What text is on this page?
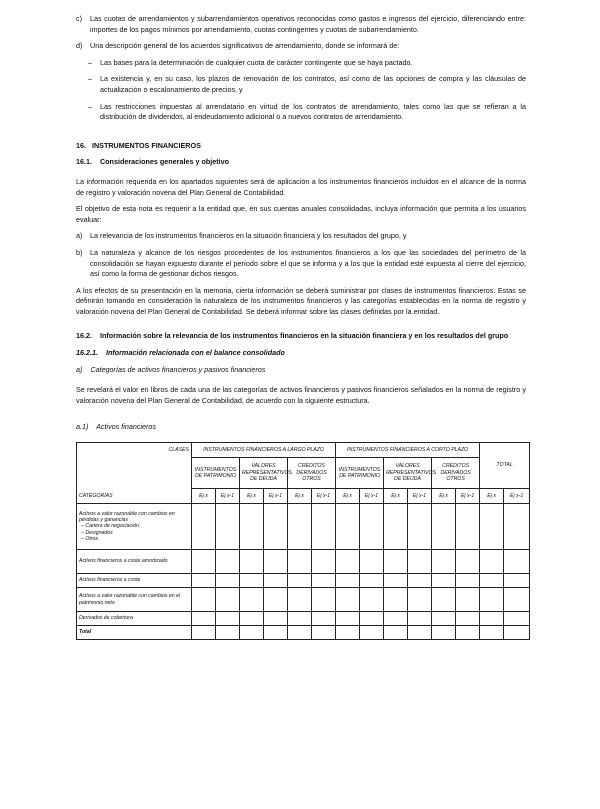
c)	Las cuotas de arrendamientos y subarrendamientos operativos reconocidas como gastos e ingresos del ejercicio, diferenciando entre: importes de los pagos mínimos por arrendamiento, cuotas contingentes y cuotas de subarrendamiento.
d)	Una descripción general de los acuerdos significativos de arrendamiento, donde se informará de:
–	Las bases para la determinación de cualquier cuota de carácter contingente que se haya pactado.
–	La existencia y, en su caso, los plazos de renovación de los contratos, así como de las opciones de compra y las cláusulas de actualización o escalonamiento de precios, y
–	Las restricciones impuestas al arrendatario en virtud de los contratos de arrendamiento, tales como las que se refieran a la distribución de dividendos, al endeudamiento adicional o a nuevos contratos de arrendamiento.

16.   INSTRUMENTOS FINANCIEROS

16.1.    Consideraciones generales y objetivo

La información requerida en los apartados siguientes será de aplicación a los instrumentos financieros incluidos en el alcance de la norma de registro y valoración novena del Plan General de Contabilidad.

El objetivo de esta nota es requerir a la entidad que, en sus cuentas anuales consolidadas, incluya información que permita a los usuarios evaluar:

a)	La relevancia de los instrumentos financieros en la situación financiera y los resultados del grupo, y
b)	La naturaleza y alcance de los riesgos procedentes de los instrumentos financieros a los que las sociedades del perímetro de la consolidación se hayan expuesto durante el período sobre el que se informa y a los que la entidad esté expuesta al cierre del ejercicio, así como la forma de gestionar dichos riesgos.

A los efectos de su presentación en la memoria, cierta información se deberá suministrar por clases de instrumentos financieros. Estas se definirán tomando en consideración la naturaleza de los instrumentos financieros y las categorías establecidas en la norma de registro y valoración novena del Plan General de Contabilidad. Se deberá informar sobre las clases definidas por la entidad.

16.2.    Información sobre la relevancia de los instrumentos financieros en la situación financiera y en los resultados del grupo

16.2.1.    Información relacionada con el balance consolidado

a)    Categorías de activos financieros y pasivos financieros

Se revelará el valor en libros de cada una de las categorías de activos financieros y pasivos financieros señalados en la norma de registro y valoración novena del Plan General de Contabilidad, de acuerdo con la siguiente estructura.

a.1)    Activos financieros

CLASES	INSTRUMENTOS FINANCIEROS A LARGO PLAZO						INSTRUMENTOS FINANCIEROS A CORTO PLAZO						TOTAL	
	INSTRUMENTOS DE PATRIMONIO		VALORES REPRESENTATIVOS DE DEUDA		CRÉDITOS DERIVADOS OTROS		INSTRUMENTOS DE PATRIMONIO		VALORES REPRESENTATIVOS DE DEUDA		CRÉDITOS DERIVADOS OTROS			
CATEGORÍAS	Ej x	Ej x-1	Ej x	Ej x-1	Ej x	Ej x-1	Ej x	Ej x-1	Ej x	Ej x-1	Ej x	Ej x-1	Ej x	Ej x-1

Activos a valor razonable con cambios en pérdidas y ganancias
– Cartera de negociación
– Designados
– Otros														

Activos financieros a coste amortizado														

Activos financieros a coste														

Activos a valor razonable con cambios en el patrimonio neto														

Derivados de cobertura														

Total														
